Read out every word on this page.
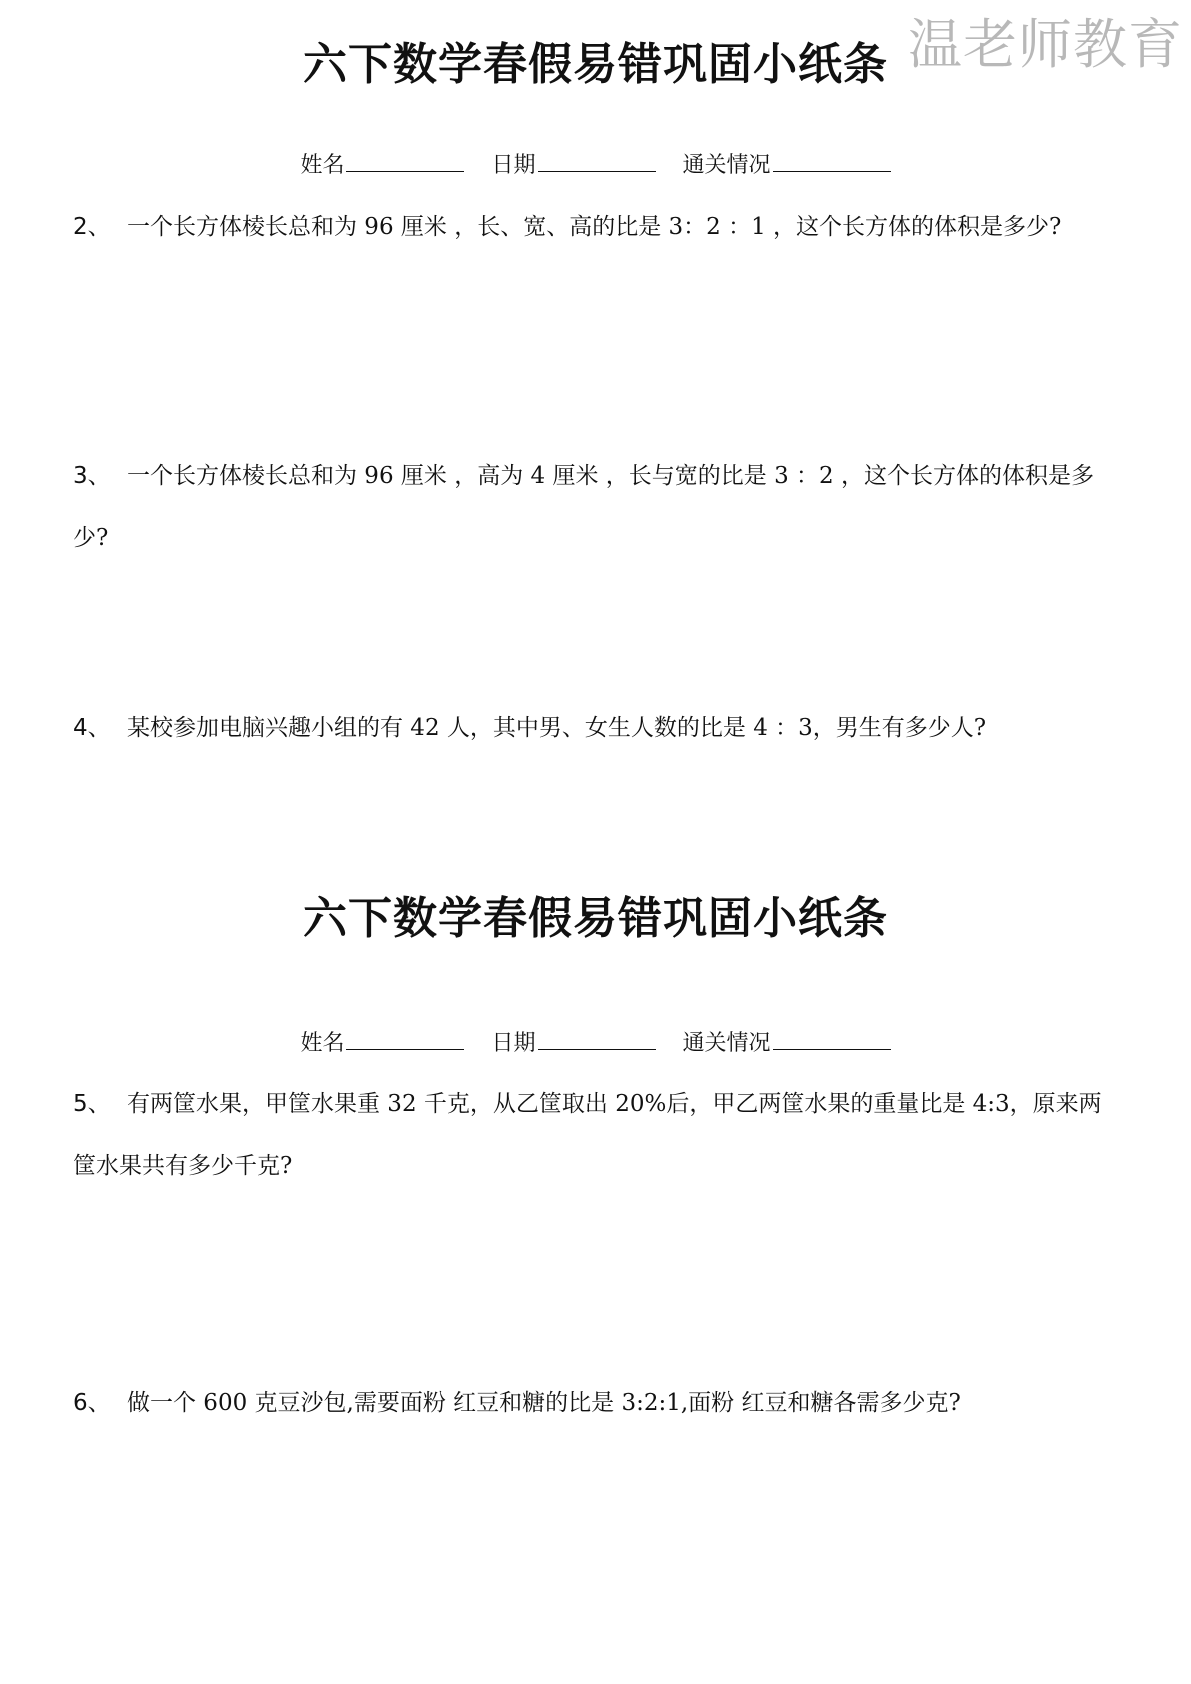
温老师教育
六下数学春假易错巩固小纸条
姓名	日期	通关情况
2、 一个长方体棱长总和为 96 厘米 ，长、宽、高的比是 3：2 ：1 ，这个长方体的体积是多少?
3、 一个长方体棱长总和为 96 厘米 ，高为 4 厘米 ，长与宽的比是 3 ：2 ，这个长方体的体积是多少?
4、 某校参加电脑兴趣小组的有 42 人，其中男、女生人数的比是 4 ：3，男生有多少人?
六下数学春假易错巩固小纸条
姓名	日期	通关情况
5、 有两筐水果，甲筐水果重 32 千克，从乙筐取出 20%后，甲乙两筐水果的重量比是 4:3，原来两筐水果共有多少千克?
6、 做一个 600 克豆沙包,需要面粉 红豆和糖的比是 3:2:1,面粉 红豆和糖各需多少克?
